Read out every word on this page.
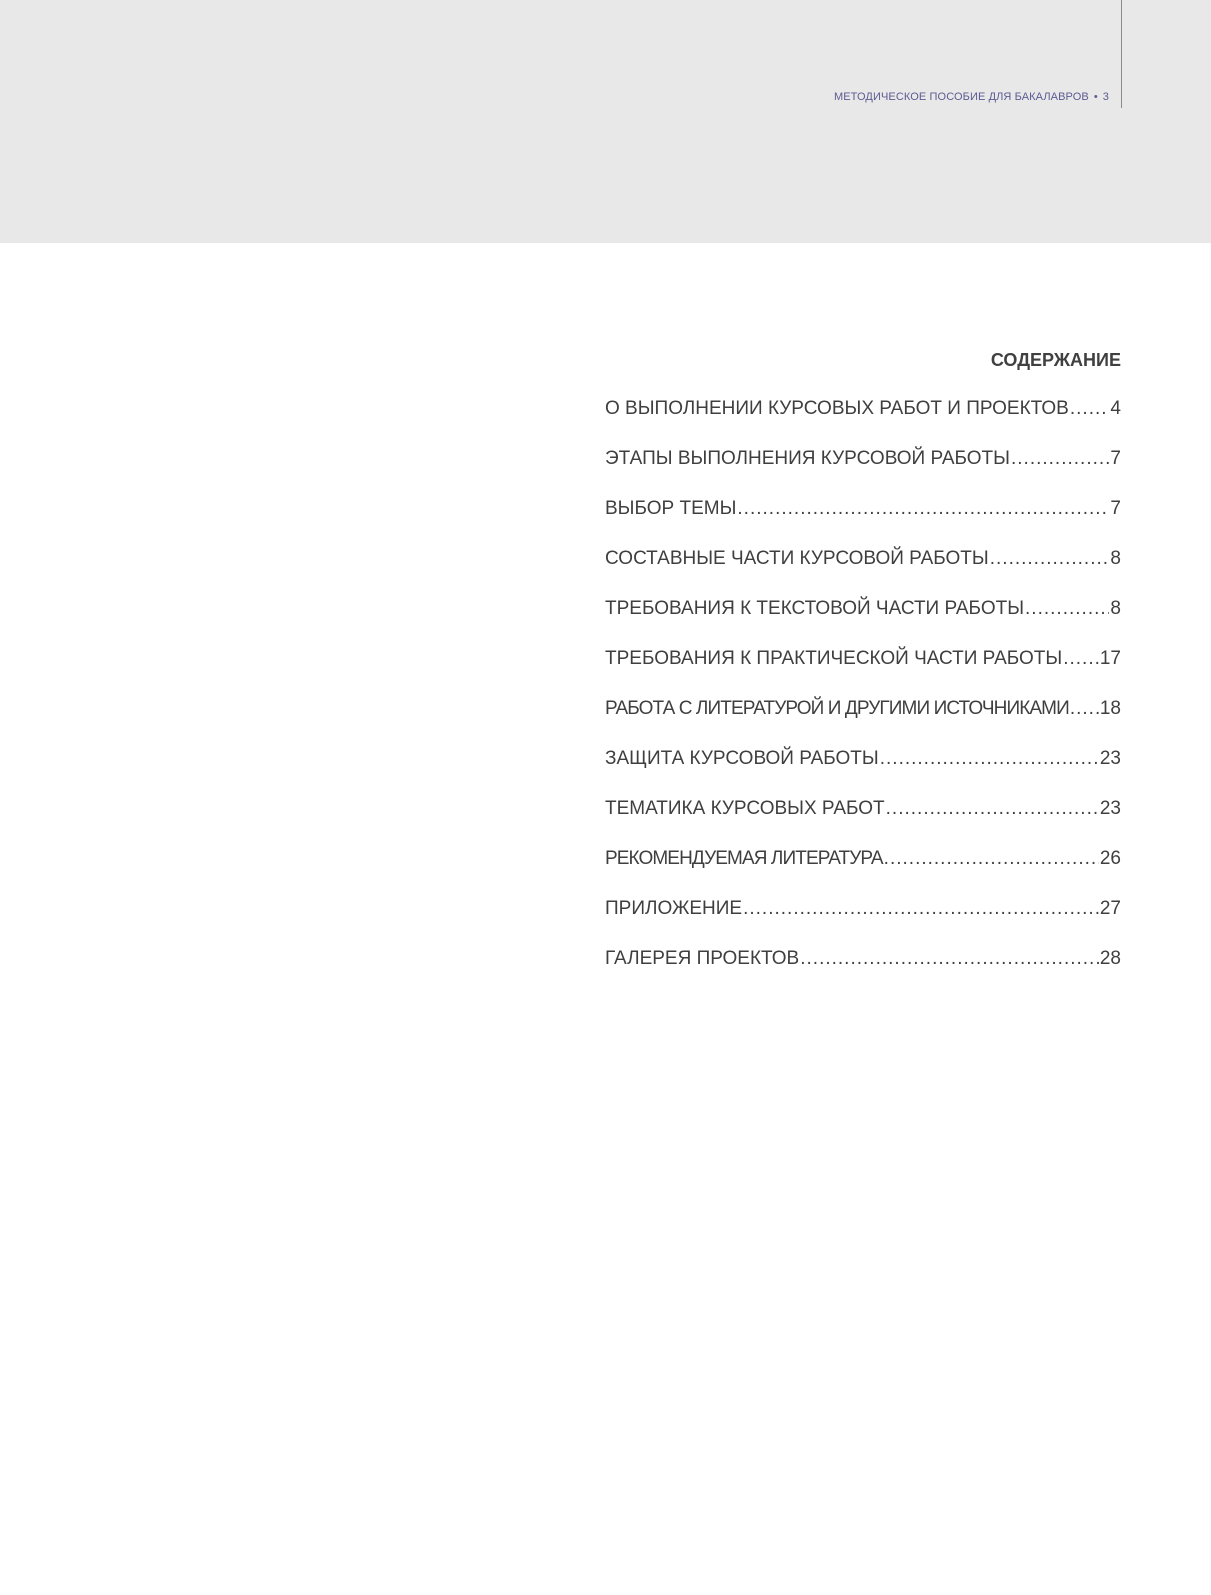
МЕТОДИЧЕСКОЕ ПОСОБИЕ ДЛЯ БАКАЛАВРОВ • 3
СОДЕРЖАНИЕ
О ВЫПОЛНЕНИИ КУРСОВЫХ РАБОТ И ПРОЕКТОВ ..... 4
ЭТАПЫ ВЫПОЛНЕНИЯ КУРСОВОЙ РАБОТЫ .....	7
ВЫБОР ТЕМЫ .....	7
СОСТАВНЫЕ ЧАСТИ КУРСОВОЙ РАБОТЫ .....	8
ТРЕБОВАНИЯ К ТЕКСТОВОЙ ЧАСТИ РАБОТЫ .....	8
ТРЕБОВАНИЯ К ПРАКТИЧЕСКОЙ ЧАСТИ РАБОТЫ ..... 17
РАБОТА С ЛИТЕРАТУРОЙ И ДРУГИМИ ИСТОЧНИКАМИ ..... 18
ЗАЩИТА КУРСОВОЙ РАБОТЫ .....	23
ТЕМАТИКА КУРСОВЫХ РАБОТ .....	23
РЕКОМЕНДУЕМАЯ ЛИТЕРАТУРА .....	26
ПРИЛОЖЕНИЕ .....	27
ГАЛЕРЕЯ ПРОЕКТОВ .....	28
